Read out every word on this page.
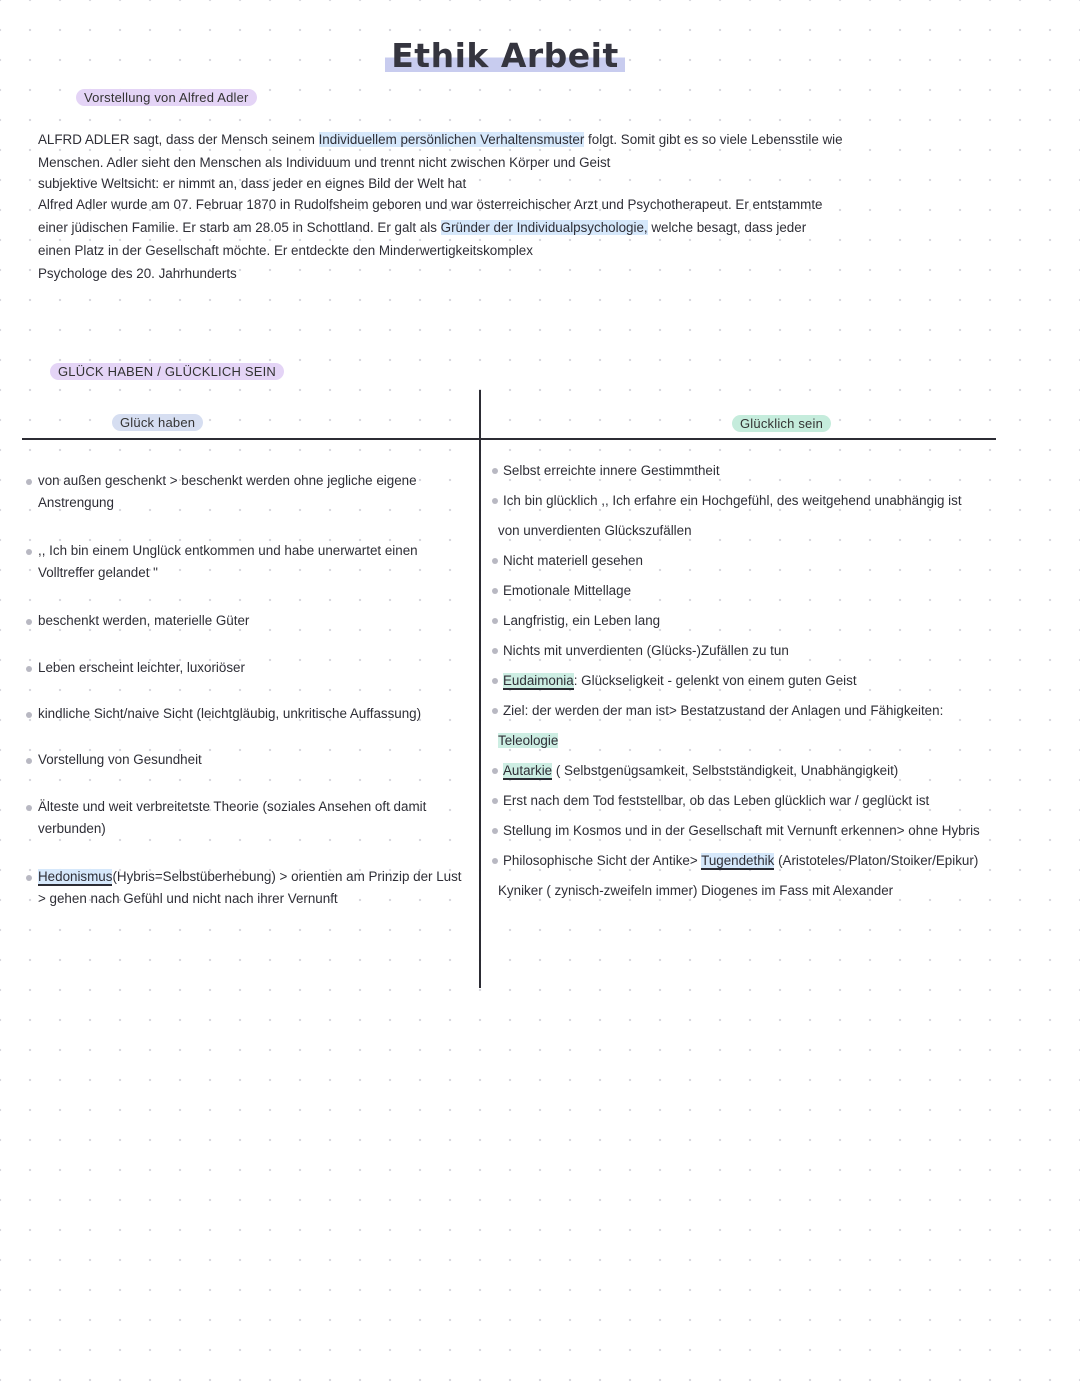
Ethik Arbeit
Vorstellung von Alfred Adler
ALFRD ADLER sagt, dass der Mensch seinem Individuellem persönlichen Verhaltensmuster folgt. Somit gibt es so viele Lebensstile wie
Menschen. Adler sieht den Menschen als Individuum und trennt nicht zwischen Körper und Geist
subjektive Weltsicht: er nimmt an, dass jeder en eignes Bild der Welt hat
Alfred Adler wurde am 07. Februar 1870 in Rudolfsheim geboren und war österreichischer Arzt und Psychotherapeut. Er entstammte
einer jüdischen Familie. Er starb am 28.05 in Schottland. Er galt als Gründer der Individualpsychologie, welche besagt, dass jeder
einen Platz in der Gesellschaft möchte. Er entdeckte den Minderwertigkeitskomplex
Psychologe des 20. Jahrhunderts
GLÜCK HABEN / GLÜCKLICH SEIN
Glück haben	Glücklich sein
von außen geschenkt > beschenkt werden ohne jegliche eigene Anstrengung
,, Ich bin einem Unglück entkommen und habe unerwartet einen Volltreffer gelandet "
beschenkt werden, materielle Güter
Leben erscheint leichter, luxoriöser
kindliche Sicht/naive Sicht (leichtgläubig, unkritische Auffassung)
Vorstellung von Gesundheit
Älteste und weit verbreitetste Theorie (soziales Ansehen oft damit verbunden)
Hedonismus(Hybris=Selbstüberhebung) > orientien am Prinzip der Lust > gehen nach Gefühl und nicht nach ihrer Vernunft
Selbst erreichte innere Gestimmtheit
Ich bin glücklich ,, Ich erfahre ein Hochgefühl, des weitgehend unabhängig ist
von unverdienten Glückszufällen
Nicht materiell gesehen
Emotionale Mittellage
Langfristig, ein Leben lang
Nichts mit unverdienten (Glücks-)Zufällen zu tun
Eudaimonia: Glückseligkeit - gelenkt von einem guten Geist
Ziel: der werden der man ist> Bestatzustand der Anlagen und Fähigkeiten:
Teleologie
Autarkie ( Selbstgenügsamkeit, Selbstständigkeit, Unabhängigkeit)
Erst nach dem Tod feststellbar, ob das Leben glücklich war / geglückt ist
Stellung im Kosmos und in der Gesellschaft mit Vernunft erkennen> ohne Hybris
Philosophische Sicht der Antike> Tugendethik (Aristoteles/Platon/Stoiker/Epikur)
Kyniker ( zynisch-zweifeln immer) Diogenes im Fass mit Alexander
